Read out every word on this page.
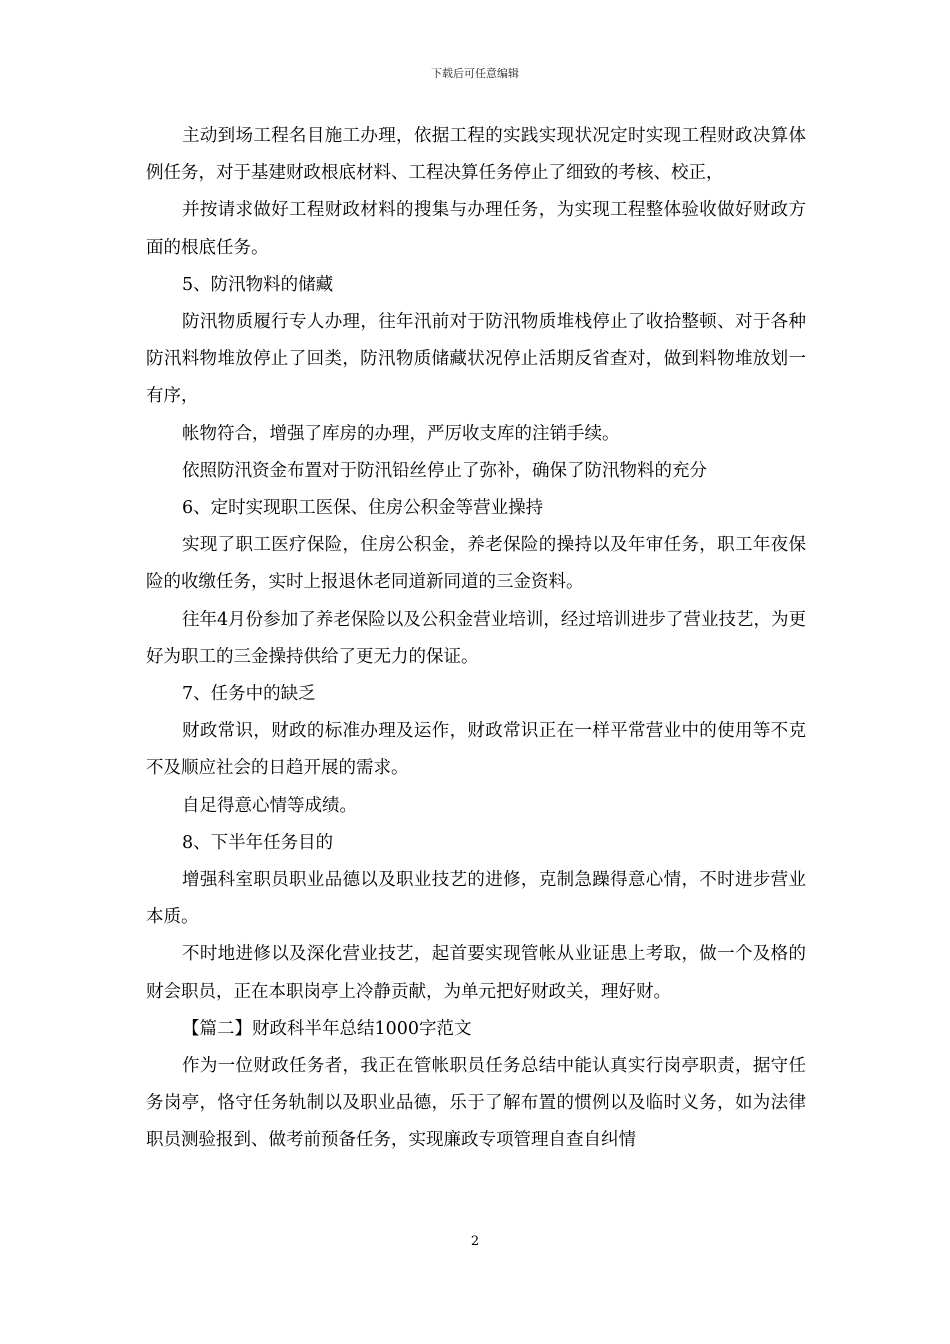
下载后可任意编辑

主动到场工程名目施工办理，依据工程的实践实现状况定时实现工程财政决算体例任务，对于基建财政根底材料、工程决算任务停止了细致的考核、校正，

并按请求做好工程财政材料的搜集与办理任务，为实现工程整体验收做好财政方面的根底任务。

5、防汛物料的储藏

防汛物质履行专人办理，往年汛前对于防汛物质堆栈停止了收拾整顿、对于各种防汛料物堆放停止了回类，防汛物质储藏状况停止活期反省查对，做到料物堆放划一有序，

帐物符合，增强了库房的办理，严厉收支库的注销手续。

依照防汛资金布置对于防汛铅丝停止了弥补，确保了防汛物料的充分

6、定时实现职工医保、住房公积金等营业操持

实现了职工医疗保险，住房公积金，养老保险的操持以及年审任务，职工年夜保险的收缴任务，实时上报退休老同道新同道的三金资料。

往年4月份参加了养老保险以及公积金营业培训，经过培训进步了营业技艺，为更好为职工的三金操持供给了更无力的保证。

7、任务中的缺乏

财政常识，财政的标准办理及运作，财政常识正在一样平常营业中的使用等不克不及顺应社会的日趋开展的需求。

自足得意心情等成绩。

8、下半年任务目的

增强科室职员职业品德以及职业技艺的进修，克制急躁得意心情，不时进步营业本质。

不时地进修以及深化营业技艺，起首要实现管帐从业证患上考取，做一个及格的财会职员，正在本职岗亭上冷静贡献，为单元把好财政关，理好财。

【篇二】财政科半年总结1000字范文

作为一位财政任务者，我正在管帐职员任务总结中能认真实行岗亭职责，据守任务岗亭，恪守任务轨制以及职业品德，乐于了解布置的惯例以及临时义务，如为法律职员测验报到、做考前预备任务，实现廉政专项管理自查自纠情

2
